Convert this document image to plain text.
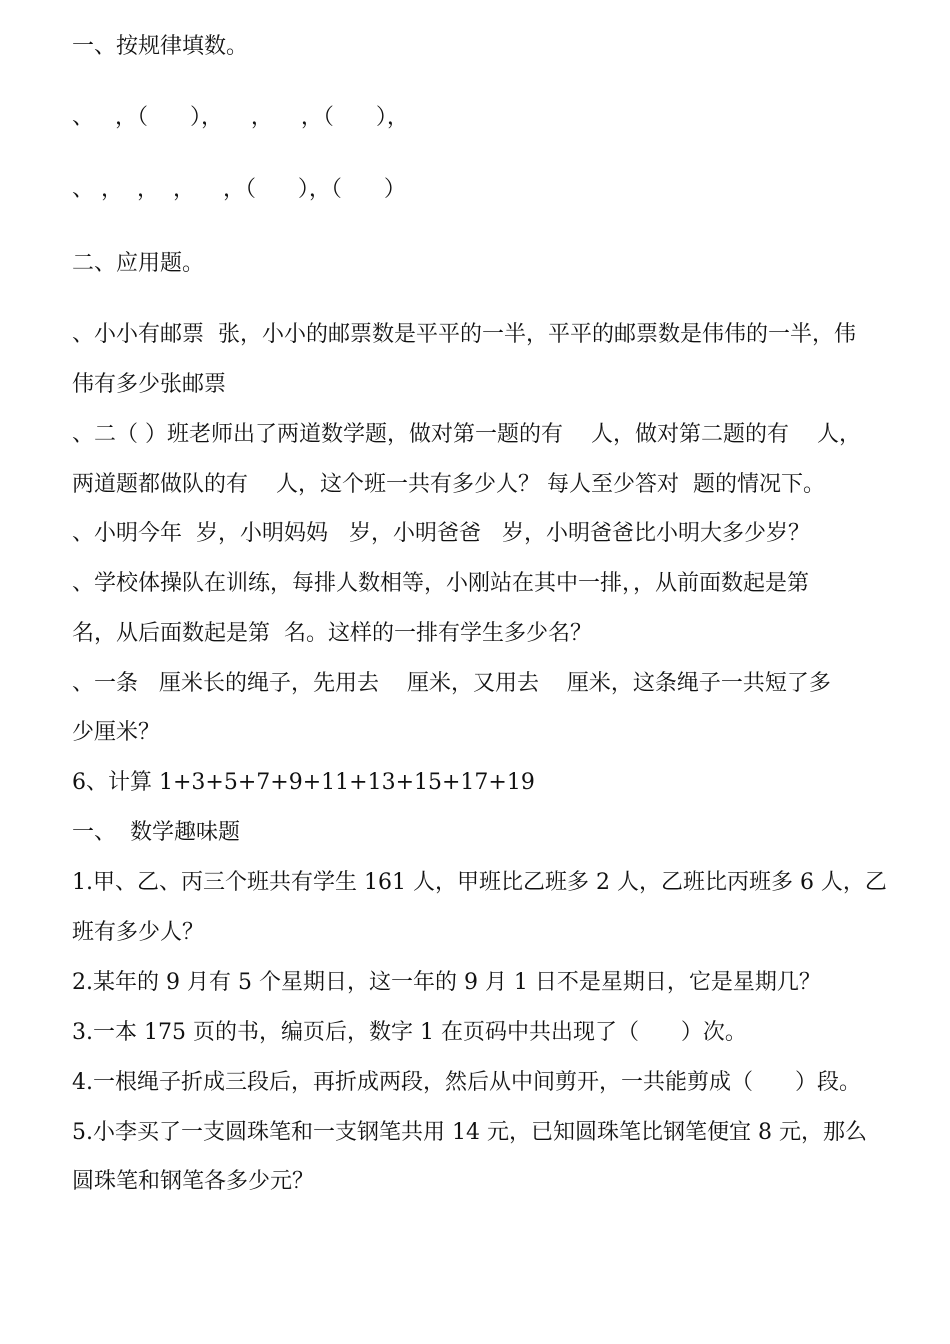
一、按规律填数。

、   ，（      ），    ，    ，（      ），

、 ，  ，  ，    ，（      ），（      ）

二、应用题。

、小小有邮票  张，小小的邮票数是平平的一半，平平的邮票数是伟伟的一半，伟

伟有多少张邮票

、二（ ）班老师出了两道数学题，做对第一题的有    人，做对第二题的有    人，

两道题都做队的有    人，这个班一共有多少人？ 每人至少答对  题的情况下。

、小明今年  岁，小明妈妈   岁，小明爸爸   岁，小明爸爸比小明大多少岁？

、学校体操队在训练，每排人数相等，小刚站在其中一排，，从前面数起是第

名，从后面数起是第  名。这样的一排有学生多少名？

、一条   厘米长的绳子，先用去    厘米，又用去    厘米，这条绳子一共短了多

少厘米？

6、计算 1+3+5+7+9+11+13+15+17+19

一、  数学趣味题

1.甲、乙、丙三个班共有学生 161 人，甲班比乙班多 2 人，乙班比丙班多 6 人，乙

班有多少人？

2.某年的 9 月有 5 个星期日，这一年的 9 月 1 日不是星期日，它是星期几？

3.一本 175 页的书，编页后，数字 1 在页码中共出现了（      ）次。

4.一根绳子折成三段后，再折成两段，然后从中间剪开，一共能剪成（      ）段。

5.小李买了一支圆珠笔和一支钢笔共用 14 元，已知圆珠笔比钢笔便宜 8 元，那么

圆珠笔和钢笔各多少元？
